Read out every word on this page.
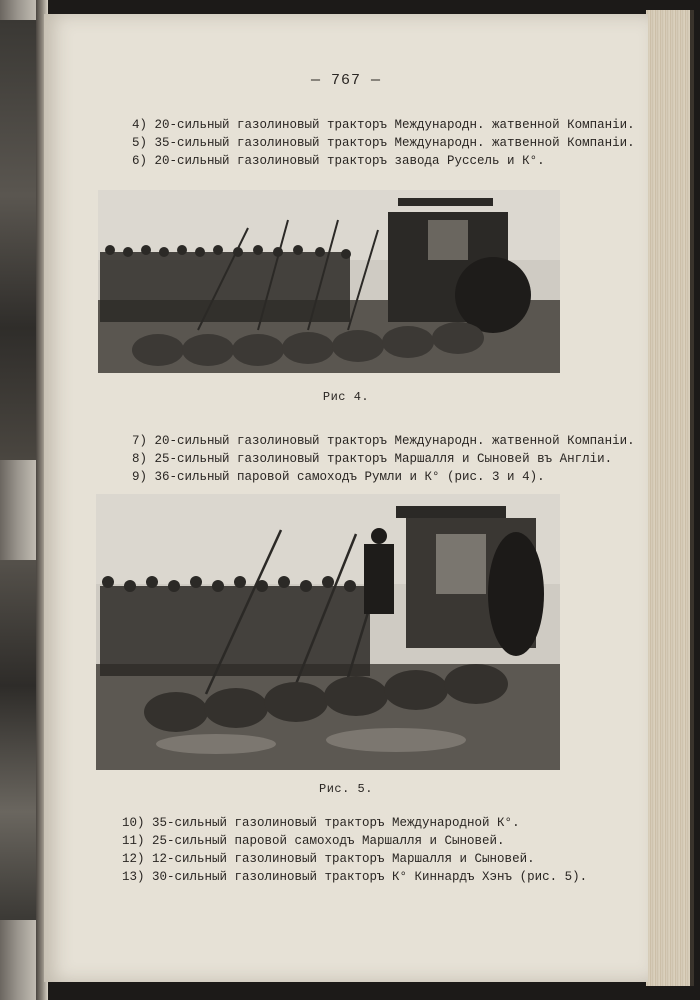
— 767 —
4) 20-сильный газолиновый тракторъ Международн. жатвенной Компаніи.
5) 35-сильный газолиновый тракторъ Международн. жатвенной Компаніи.
6) 20-сильный газолиновый тракторъ завода Руссель и К°.
Рис 4.
7) 20-сильный газолиновый тракторъ Международн. жатвенной Компаніи.
8) 25-сильный газолиновый тракторъ Маршалля и Сыновей въ Англіи.
9) 36-сильный паровой самоходъ Румли и К° (рис. 3 и 4).
Рис. 5.
10) 35-сильный газолиновый тракторъ Международной К°.
11) 25-сильный паровой самоходъ Маршалля и Сыновей.
12) 12-сильный газолиновый тракторъ Маршалля и Сыновей.
13) 30-сильный газолиновый тракторъ К° Киннардъ Хэнъ (рис. 5).
